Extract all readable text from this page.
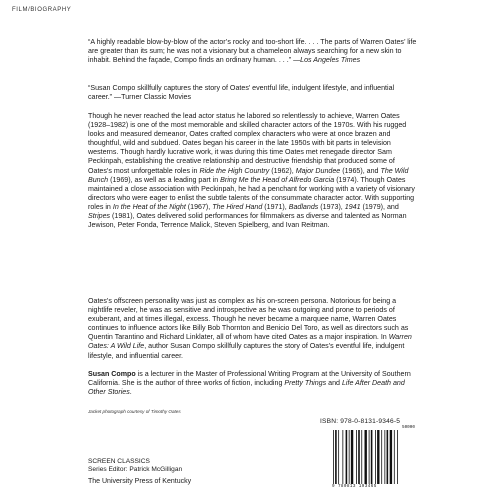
FILM/BIOGRAPHY

“A highly readable blow-by-blow of the actor’s rocky and too-short life. . . . The parts of Warren Oates’ life are greater than its sum; he was not a visionary but a chameleon always searching for a new skin to inhabit. Behind the façade, Compo finds an ordinary human. . . .” —Los Angeles Times

“Susan Compo skillfully captures the story of Oates’ eventful life, indulgent lifestyle, and influential career.” —Turner Classic Movies

Though he never reached the lead actor status he labored so relentlessly to achieve, Warren Oates (1928–1982) is one of the most memorable and skilled character actors of the 1970s. With his rugged looks and measured demeanor, Oates crafted complex characters who were at once brazen and thoughtful, wild and subdued. Oates began his career in the late 1950s with bit parts in television westerns. Though hardly lucrative work, it was during this time Oates met renegade director Sam Peckinpah, establishing the creative relationship and destructive friendship that produced some of Oates’s most unforgettable roles in Ride the High Country (1962), Major Dundee (1965), and The Wild Bunch (1969), as well as a leading part in Bring Me the Head of Alfredo Garcia (1974). Though Oates maintained a close association with Peckinpah, he had a penchant for working with a variety of visionary directors who were eager to enlist the subtle talents of the consummate character actor. With supporting roles in In the Heat of the Night (1967), The Hired Hand (1971), Badlands (1973), 1941 (1979), and Stripes (1981), Oates delivered solid performances for filmmakers as diverse and talented as Norman Jewison, Peter Fonda, Terrence Malick, Steven Spielberg, and Ivan Reitman.

Oates’s offscreen personality was just as complex as his on-screen persona. Notorious for being a nightlife reveler, he was as sensitive and introspective as he was outgoing and prone to periods of exuberant, and at times illegal, excess. Though he never became a marquee name, Warren Oates continues to influence actors like Billy Bob Thornton and Benicio Del Toro, as well as directors such as Quentin Tarantino and Richard Linklater, all of whom have cited Oates as a major inspiration. In Warren Oates: A Wild Life, author Susan Compo skillfully captures the story of Oates’s eventful life, indulgent lifestyle, and influential career.

Susan Compo is a lecturer in the Master of Professional Writing Program at the University of Southern California. She is the author of three works of fiction, including Pretty Things and Life After Death and Other Stories.

Jacket photograph courtesy of Timothy Oates
SCREEN CLASSICS
Series Editor: Patrick McGilligan
The University Press of Kentucky
ISBN: 978-0-8131-9346-5
50000
9 780813 193465
